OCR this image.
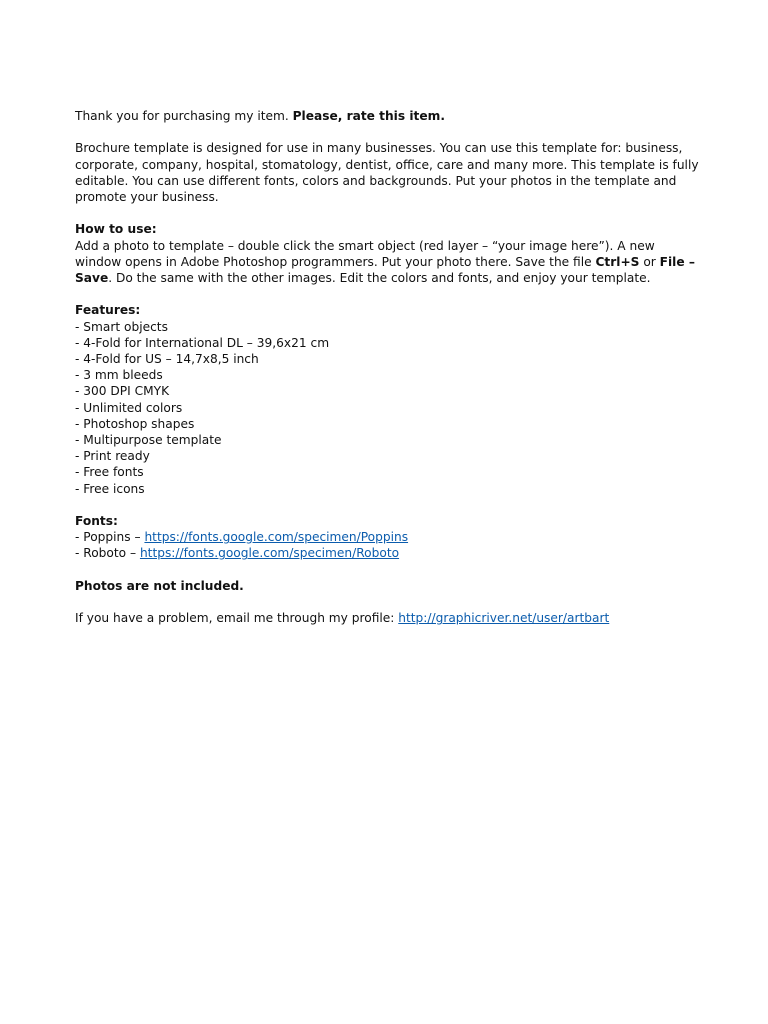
Thank you for purchasing my item. Please, rate this item.

Brochure template is designed for use in many businesses. You can use this template for: business, corporate, company, hospital, stomatology, dentist, office, care and many more. This template is fully editable. You can use different fonts, colors and backgrounds. Put your photos in the template and promote your business.

How to use:
Add a photo to template – double click the smart object (red layer – “your image here”). A new window opens in Adobe Photoshop programmers. Put your photo there. Save the file Ctrl+S or File – Save. Do the same with the other images. Edit the colors and fonts, and enjoy your template.

Features:
- Smart objects
- 4-Fold for International DL – 39,6x21 cm
- 4-Fold for US – 14,7x8,5 inch
- 3 mm bleeds
- 300 DPI CMYK
- Unlimited colors
- Photoshop shapes
- Multipurpose template
- Print ready
- Free fonts
- Free icons
Fonts:
- Poppins – https://fonts.google.com/specimen/Poppins
- Roboto – https://fonts.google.com/specimen/Roboto

Photos are not included.

If you have a problem, email me through my profile: http://graphicriver.net/user/artbart
